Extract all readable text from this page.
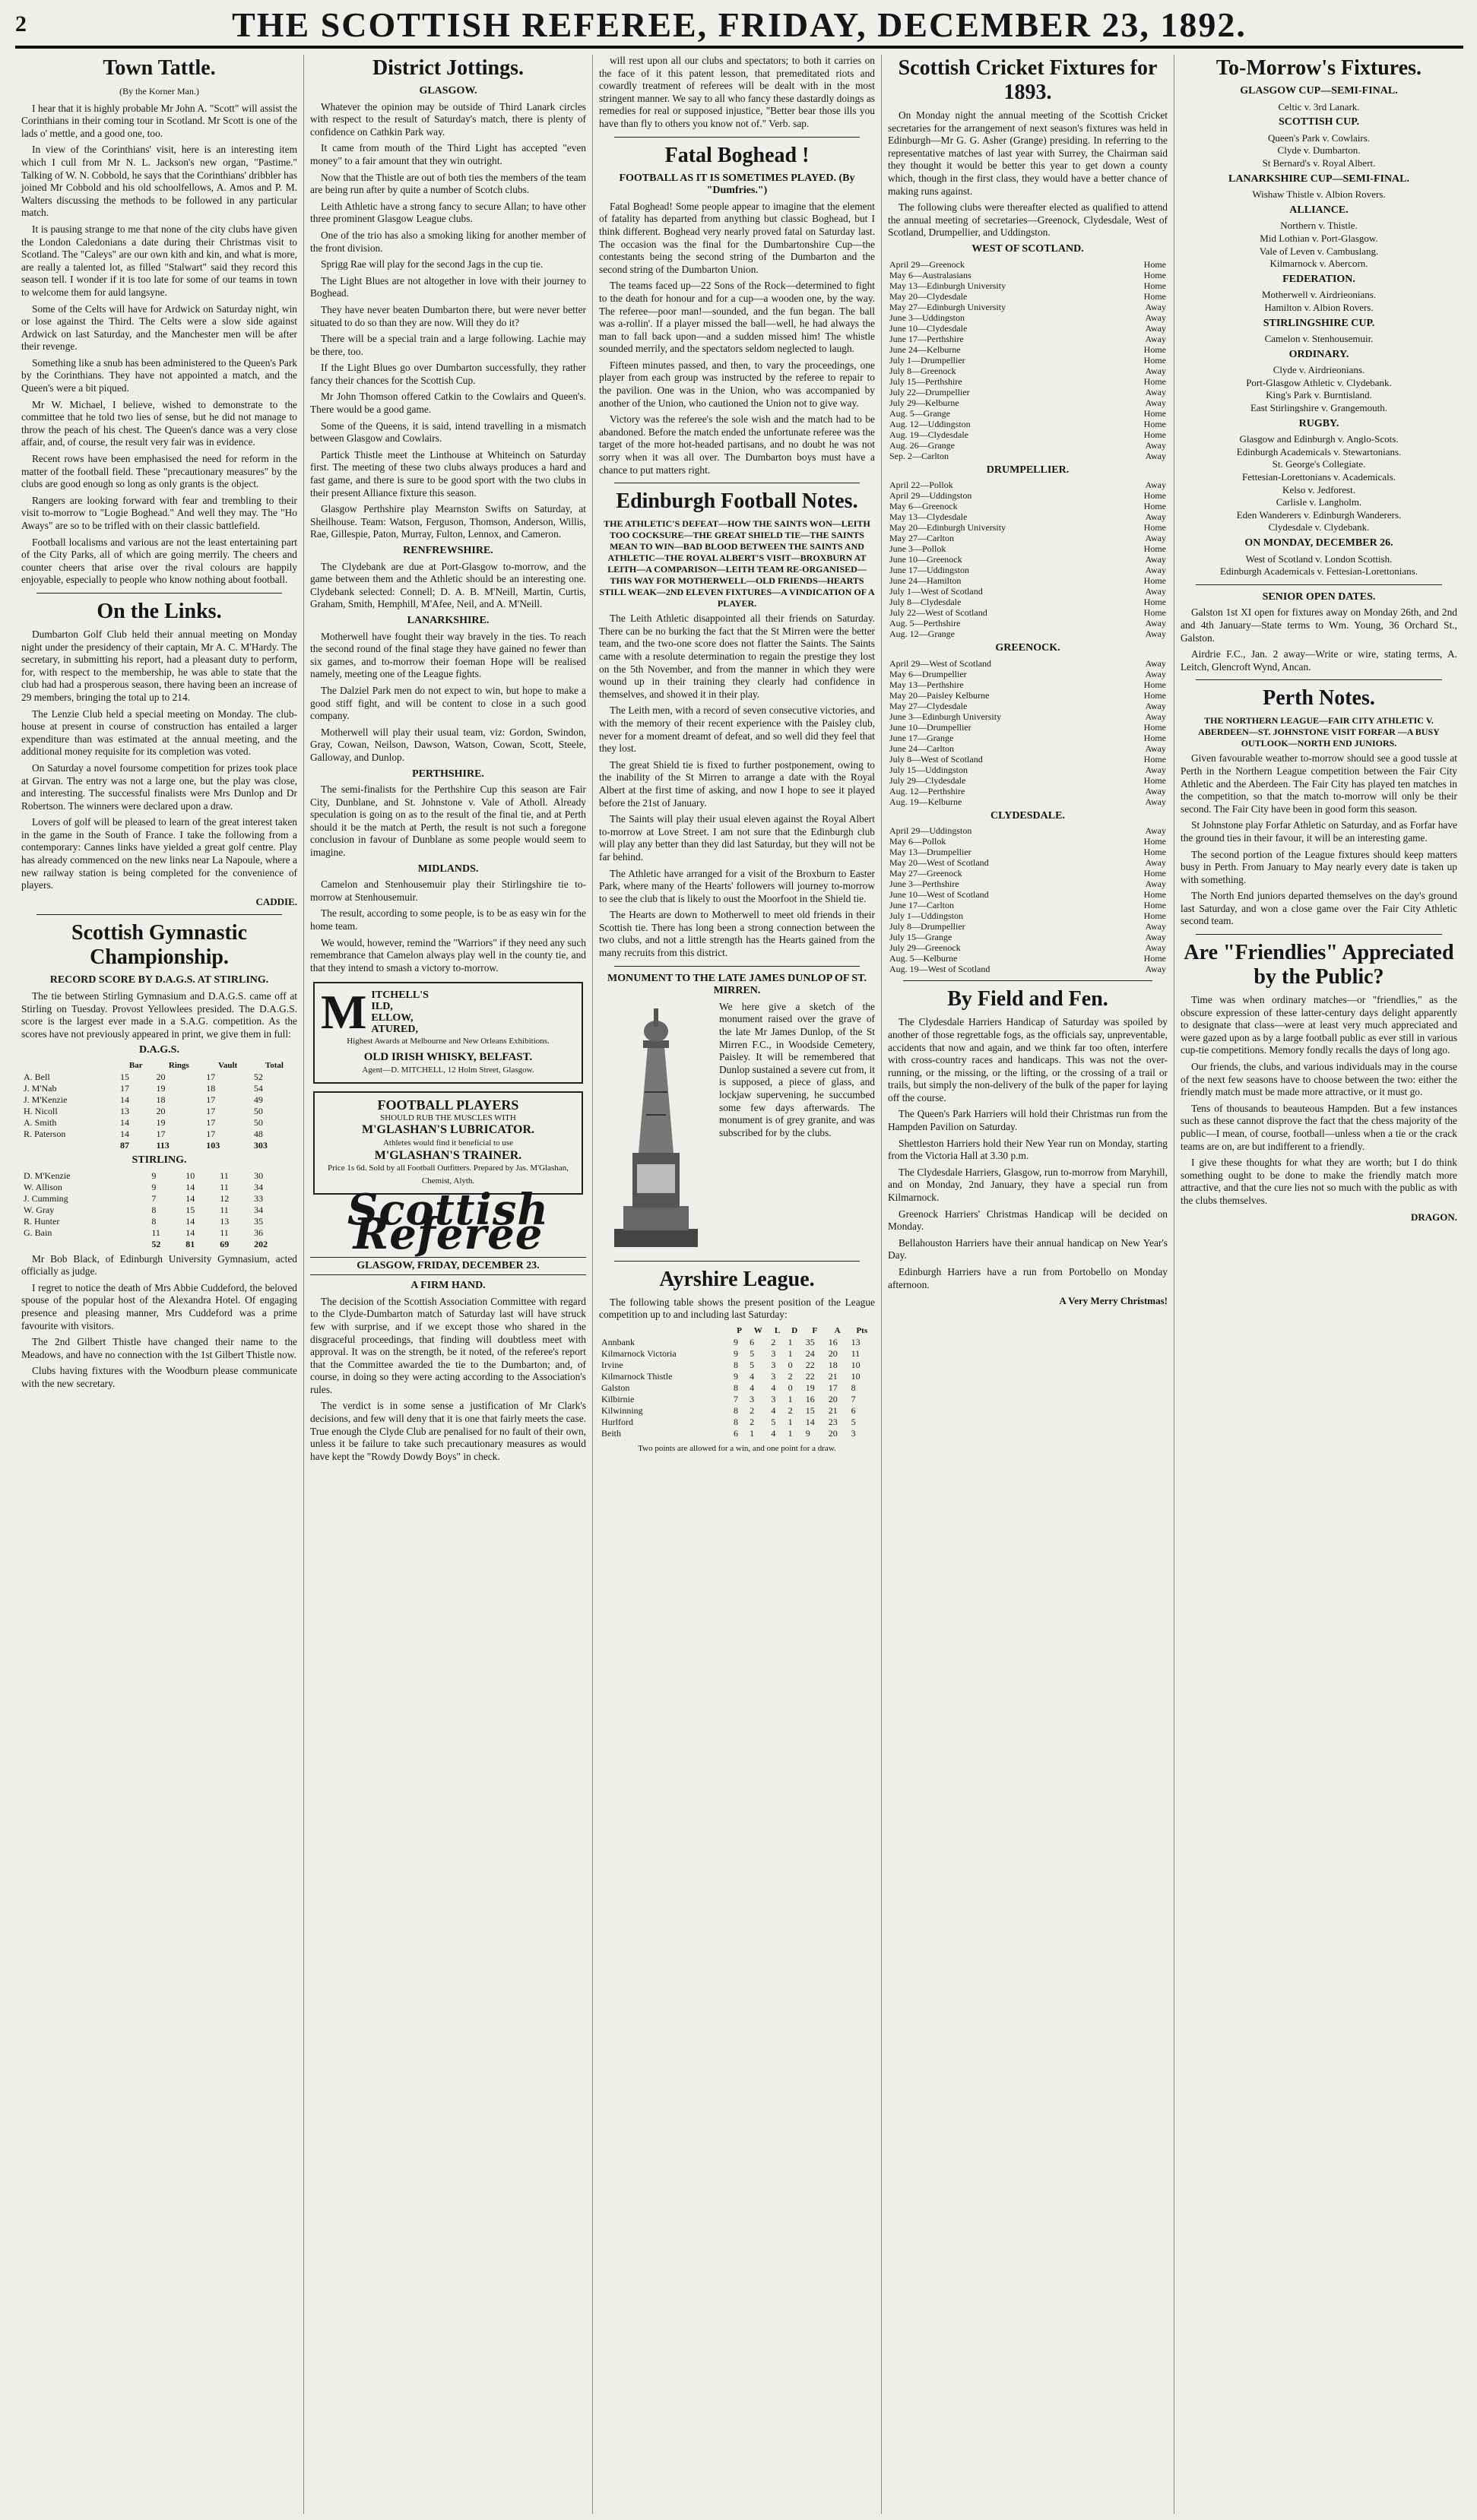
2	THE SCOTTISH REFEREE, FRIDAY, DECEMBER 23, 1892.
Town Tattle.
(By the Korner Man.)

I hear that it is highly probable Mr John A. "Scott" will assist the Corinthians in their coming tour in Scotland. Mr Scott is one of the lads o' mettle, and a good one, too.

In view of the Corinthians' visit, here is an interesting item which I cull from Mr N. L. Jackson's new organ, "Pastime." Talking of W. N. Cobbold, he says that the Corinthians' dribbler has joined Mr Cobbold and his old schoolfellows, A. Amos and P. M. Walters discussing the methods to be followed in any particular match.

It is pausing strange to me that none of the city clubs have given the London Caledonians a date during their Christmas visit to Scotland. The "Caleys" are our own kith and kin, and what is more, are really a talented lot, as filled "Stalwart" said they record this season tell. I wonder if it is too late for some of our teams in town to welcome them for auld langsyne.

Some of the Celts will have for Ardwick on Saturday night, win or lose against the Third. The Celts were a slow side against Ardwick on last Saturday, and the Manchester men will be after their revenge.

Something like a snub has been administered to the Queen's Park by the Corinthians. They have not appointed a match, and the Queen's were a bit piqued.

Mr W. Michael, I believe, wished to demonstrate to the committee that he told two lies of sense, but he did not manage to throw the peach of his chest. The Queen's dance was a very close affair, and, of course, the result very fair was in evidence.

Recent rows have been emphasised the need for reform in the matter of the football field. These "precautionary measures" by the clubs are good enough so long as only grants is the object.

Rangers are looking forward with fear and trembling to their visit to-morrow to "Logie Boghead." And well they may. The "Ho Aways" are so to be trifled with on their classic battlefield.

Football localisms and various are not the least entertaining part of the City Parks, all of which are going merrily. The cheers and counter cheers that arise over the rival colours are happily enjoyable, especially to people who know nothing about football.

On the Links.

Dumbarton Golf Club held their annual meeting on Monday night under the presidency of their captain, Mr A. C. M'Hardy. The secretary, in submitting his report, had a pleasant duty to perform, for, with respect to the membership, he was able to state that the club had had a prosperous season, there having been an increase of 29 members, bringing the total up to 214.

The Lenzie Club held a special meeting on Monday. The club-house at present in course of construction has entailed a larger expenditure than was estimated at the annual meeting, and the additional money requisite for its completion was voted.

On Saturday a novel foursome competition for prizes took place at Girvan. The entry was not a large one, but the play was close, and interesting. The successful finalists were Mrs Dunlop and Dr Robertson. The winners were declared upon a draw.

Lovers of golf will be pleased to learn of the great interest taken in the game in the South of France. I take the following from a contemporary: Cannes links have yielded a great golf centre. Play has already commenced on the new links near La Napoule, where a new railway station is being completed for the convenience of players.

CADDIE.
Scottish Gymnastic Championship.
RECORD SCORE BY D.A.G.S. AT STIRLING.

The tie between Stirling Gymnasium and D.A.G.S. came off at Stirling on Tuesday. Provost Yellowlees presided. The D.A.G.S. score is the largest ever made in a S.A.G. competition. As the scores have not previously appeared in print, we give them in full:

D.A.G.S.
	Bar	Rings	Vault	Total
A. Bell	15	20	17	52
J. M'Nab	17	19	18	54
J. M'Kenzie	14	18	17	49
H. Nicoll	13	20	17	50
A. Smith	14	19	17	50
R. Paterson	14	17	17	48
	87	113	103	303
STIRLING.
D. M'Kenzie	9	10	11	30
W. Allison	9	14	11	34
J. Cumming	7	14	12	33
W. Gray	8	15	11	34
R. Hunter	8	14	13	35
G. Bain	11	14	11	36
	52	81	69	202

Mr Bob Black, of Edinburgh University Gymnasium, acted officially as judge.

I regret to notice the death of Mrs Abbie Cuddeford, the beloved spouse of the popular host of the Alexandra Hotel. Of engaging presence and pleasing manner, Mrs Cuddeford was a prime favourite with visitors.

The 2nd Gilbert Thistle have changed their name to the Meadows, and have no connection with the 1st Gilbert Thistle now.

Clubs having fixtures with the Woodburn please communicate with the new secretary.

District Jottings.
GLASGOW.

Whatever the opinion may be outside of Third Lanark circles with respect to the result of Saturday's match, there is plenty of confidence on Cathkin Park way.

It came from mouth of the Third Light has accepted "even money" to a fair amount that they win outright.

Now that the Thistle are out of both ties the members of the team are being run after by quite a number of Scotch clubs.

Leith Athletic have a strong fancy to secure Allan; to have other three prominent Glasgow League clubs.

One of the trio has also a smoking liking for another member of the front division.

Sprigg Rae will play for the second Jags in the cup tie.

The Light Blues are not altogether in love with their journey to Boghead.

They have never beaten Dumbarton there, but were never better situated to do so than they are now. Will they do it?

There will be a special train and a large following. Lachie may be there, too.

If the Light Blues go over Dumbarton successfully, they rather fancy their chances for the Scottish Cup.

Mr John Thomson offered Catkin to the Cowlairs and Queen's. There would be a good game.

Some of the Queens, it is said, intend travelling in a mismatch between Glasgow and Cowlairs.

Partick Thistle meet the Linthouse at Whiteinch on Saturday first. The meeting of these two clubs always produces a hard and fast game, and there is sure to be good sport with the two clubs in their present Alliance fixture this season.

Glasgow Perthshire play Mearnston Swifts on Saturday, at Sheilhouse. Team: Watson, Ferguson, Thomson, Anderson, Willis, Rae, Gillespie, Paton, Murray, Fulton, Lennox, and Cameron.

RENFREWSHIRE.

The Clydebank are due at Port-Glasgow to-morrow, and the game between them and the Athletic should be an interesting one. Clydebank selected: Connell; D. A. B. M'Neill, Martin, Curtis, Graham, Smith, Hemphill, M'Afee, Neil, and A. M'Neill.

LANARKSHIRE.

Motherwell have fought their way bravely in the ties. To reach the second round of the final stage they have gained no fewer than six games, and to-morrow their foeman Hope will be realised namely, meeting one of the League fights.

The Dalziel Park men do not expect to win, but hope to make a good stiff fight, and will be content to close in a such good company.

Motherwell will play their usual team, viz: Gordon, Swindon, Gray, Cowan, Neilson, Dawson, Watson, Cowan, Scott, Steele, Galloway, and Dunlop.

PERTHSHIRE.

The semi-finalists for the Perthshire Cup this season are Fair City, Dunblane, and St. Johnstone v. Vale of Atholl. Already speculation is going on as to the result of the final tie, and at Perth should it be the match at Perth, the result is not such a foregone conclusion in favour of Dunblane as some people would seem to imagine.

MIDLANDS.

Camelon and Stenhousemuir play their Stirlingshire tie to-morrow at Stenhousemuir.

The result, according to some people, is to be as easy win for the home team.

We would, however, remind the "Warriors" if they need any such remembrance that Camelon always play well in the county tie, and that they intend to smash a victory to-morrow.

M ITCHELL'S
ILD,
ELLOW,
ATURED,
Highest Awards at Melbourne and New Orleans Exhibitions.
OLD IRISH WHISKY, BELFAST.
Agent—D. MITCHELL, 12 Holm Street, Glasgow.
FOOTBALL PLAYERS
SHOULD RUB THE MUSCLES WITH
M'GLASHAN'S LUBRICATOR.
Athletes would find it beneficial to use
M'GLASHAN'S TRAINER.
Price 1s 6d. Sold by all Football Outfitters. Prepared by Jas. M'Glashan, Chemist, Alyth.
Scottish Referee
GLASGOW, FRIDAY, DECEMBER 23.
A FIRM HAND.

The decision of the Scottish Association Committee with regard to the Clyde-Dumbarton match of Saturday last will have struck few with surprise, and if we except those who shared in the disgraceful proceedings, that finding will doubtless meet with approval. It was on the strength, be it noted, of the referee's report that the Committee awarded the tie to the Dumbarton; and, of course, in doing so they were acting according to the Association's rules.

The verdict is in some sense a justification of Mr Clark's decisions, and few will deny that it is one that fairly meets the case. True enough the Clyde Club are penalised for no fault of their own, unless it be failure to take such precautionary measures as would have kept the "Rowdy Dowdy Boys" in check.

will rest upon all our clubs and spectators; to both it carries on the face of it this patent lesson, that premeditated riots and cowardly treatment of referees will be dealt with in the most stringent manner. We say to all who fancy these dastardly doings as remedies for real or supposed injustice, "Better bear those ills you have than fly to others you know not of." Verb. sap.

Fatal Boghead !
FOOTBALL AS IT IS SOMETIMES PLAYED. (By "Dumfries.")

Fatal Boghead! Some people appear to imagine that the element of fatality has departed from anything but classic Boghead, but I think different. Boghead very nearly proved fatal on Saturday last. The occasion was the final for the Dumbartonshire Cup—the contestants being the second string of the Dumbarton and the second string of the Dumbarton Union.

The teams faced up—22 Sons of the Rock—determined to fight to the death for honour and for a cup—a wooden one, by the way. The referee—poor man!—sounded, and the fun began. The ball was a-rollin'. If a player missed the ball—well, he had always the man to fall back upon—and a sudden missed him! The whistle sounded merrily, and the spectators seldom neglected to laugh.

Fifteen minutes passed, and then, to vary the proceedings, one player from each group was instructed by the referee to repair to the pavilion. One was in the Union, who was accompanied by another of the Union, who cautioned the Union not to give way.

Victory was the referee's the sole wish and the match had to be abandoned. Before the match ended the unfortunate referee was the target of the more hot-headed partisans, and no doubt he was not sorry when it was all over. The Dumbarton boys must have a chance to put matters right.

Edinburgh Football Notes.
THE ATHLETIC'S DEFEAT—HOW THE SAINTS WON—LEITH TOO COCKSURE—THE GREAT SHIELD TIE—THE SAINTS MEAN TO WIN—BAD BLOOD BETWEEN THE SAINTS AND ATHLETIC—THE ROYAL ALBERT'S VISIT—BROXBURN AT LEITH—A COMPARISON—LEITH TEAM RE-ORGANISED—THIS WAY FOR MOTHERWELL—OLD FRIENDS—HEARTS STILL WEAK—2ND ELEVEN FIXTURES—A VINDICATION OF A PLAYER.

The Leith Athletic disappointed all their friends on Saturday. There can be no burking the fact that the St Mirren were the better team, and the two-one score does not flatter the Saints. The Saints came with a resolute determination to regain the prestige they lost on the 5th November, and from the manner in which they were wound up in their training they clearly had confidence in themselves, and showed it in their play.

The Leith men, with a record of seven consecutive victories, and with the memory of their recent experience with the Paisley club, never for a moment dreamt of defeat, and so well did they feel that they lost.

The great Shield tie is fixed to further postponement, owing to the inability of the St Mirren to arrange a date with the Royal Albert at the first time of asking, and now I hope to see it played before the 21st of January.

The Saints will play their usual eleven against the Royal Albert to-morrow at Love Street. I am not sure that the Edinburgh club will play any better than they did last Saturday, but they will not be far behind.

The Athletic have arranged for a visit of the Broxburn to Easter Park, where many of the Hearts' followers will journey to-morrow to see the club that is likely to oust the Moorfoot in the Shield tie.

The Hearts are down to Motherwell to meet old friends in their Scottish tie. There has long been a strong connection between the two clubs, and not a little strength has the Hearts gained from the many recruits from this district.

MONUMENT TO THE LATE JAMES DUNLOP OF ST. MIRREN.

We here give a sketch of the monument raised over the grave of the late Mr James Dunlop, of the St Mirren F.C., in Woodside Cemetery, Paisley. It will be remembered that Dunlop sustained a severe cut from, it is supposed, a piece of glass, and lockjaw supervening, he succumbed some few days afterwards. The monument is of grey granite, and was subscribed for by the clubs.

Ayrshire League.

The following table shows the present position of the League competition up to and including last Saturday:

	P	W	L	D	F	A	Pts
Annbank	9	6	2	1	35	16	13
Kilmarnock Victoria	9	5	3	1	24	20	11
Irvine	8	5	3	0	22	18	10
Kilmarnock Thistle	9	4	3	2	22	21	10
Galston	8	4	4	0	19	17	8
Kilbirnie	7	3	3	1	16	20	7
Kilwinning	8	2	4	2	15	21	6
Hurlford	8	2	5	1	14	23	5
Beith	6	1	4	1	9	20	3
Two points are allowed for a win, and one point for a draw.
Scottish Cricket Fixtures for 1893.

On Monday night the annual meeting of the Scottish Cricket secretaries for the arrangement of next season's fixtures was held in Edinburgh—Mr G. G. Asher (Grange) presiding. In referring to the representative matches of last year with Surrey, the Chairman said they thought it would be better this year to get down a county which, though in the first class, they would have a better chance of making runs against.

The following clubs were thereafter elected as qualified to attend the annual meeting of secretaries—Greenock, Clydesdale, West of Scotland, Drumpellier, and Uddingston.

WEST OF SCOTLAND.
April 29—Greenock	Home
May 6—Australasians	Home
May 13—Edinburgh University	Home
May 20—Clydesdale	Home
May 27—Edinburgh University	Away
June 3—Uddingston	Away
June 10—Clydesdale	Away
June 17—Perthshire	Away
June 24—Kelburne	Home
July 1—Drumpellier	Home
July 8—Greenock	Away
July 15—Perthshire	Home
July 22—Drumpellier	Away
July 29—Kelburne	Away
Aug. 5—Grange	Home
Aug. 12—Uddingston	Home
Aug. 19—Clydesdale	Home
Aug. 26—Grange	Away
Sep. 2—Carlton	Away
DRUMPELLIER.
April 22—Pollok	Away
April 29—Uddingston	Home
May 6—Greenock	Home
May 13—Clydesdale	Away
May 20—Edinburgh University	Home
May 27—Carlton	Away
June 3—Pollok	Home
June 10—Greenock	Away
June 17—Uddingston	Away
June 24—Hamilton	Home
July 1—West of Scotland	Away
July 8—Clydesdale	Home
July 22—West of Scotland	Home
Aug. 5—Perthshire	Away
Aug. 12—Grange	Away
GREENOCK.
April 29—West of Scotland	Away
May 6—Drumpellier	Away
May 13—Perthshire	Home
May 20—Paisley Kelburne	Home
May 27—Clydesdale	Away
June 3—Edinburgh University	Away
June 10—Drumpellier	Home
June 17—Grange	Home
June 24—Carlton	Away
July 8—West of Scotland	Home
July 15—Uddingston	Away
July 29—Clydesdale	Home
Aug. 12—Perthshire	Away
Aug. 19—Kelburne	Away
CLYDESDALE.
April 29—Uddingston	Away
May 6—Pollok	Home
May 13—Drumpellier	Home
May 20—West of Scotland	Away
May 27—Greenock	Home
June 3—Perthshire	Away
June 10—West of Scotland	Home
June 17—Carlton	Home
July 1—Uddingston	Home
July 8—Drumpellier	Away
July 15—Grange	Away
July 29—Greenock	Away
Aug. 5—Kelburne	Home
Aug. 19—West of Scotland	Away
By Field and Fen.

The Clydesdale Harriers Handicap of Saturday was spoiled by another of those regrettable fogs, as the officials say, unpreventable, accidents that now and again, and we think far too often, interfere with cross-country races and handicaps. This was not the over-running, or the missing, or the lifting, or the crossing of a trail or trails, but simply the non-delivery of the bulk of the paper for laying off the course.

The Queen's Park Harriers will hold their Christmas run from the Hampden Pavilion on Saturday.

Shettleston Harriers hold their New Year run on Monday, starting from the Victoria Hall at 3.30 p.m.

The Clydesdale Harriers, Glasgow, run to-morrow from Maryhill, and on Monday, 2nd January, they have a special run from Kilmarnock.

Greenock Harriers' Christmas Handicap will be decided on Monday.

Bellahouston Harriers have their annual handicap on New Year's Day.

Edinburgh Harriers have a run from Portobello on Monday afternoon.

A Very Merry Christmas!
To-Morrow's Fixtures.
GLASGOW CUP—SEMI-FINAL.
Celtic v. 3rd Lanark.
SCOTTISH CUP.
Queen's Park v. Cowlairs.
Clyde v. Dumbarton.
St Bernard's v. Royal Albert.
LANARKSHIRE CUP—SEMI-FINAL.
Wishaw Thistle v. Albion Rovers.
ALLIANCE.
Northern v. Thistle.
Mid Lothian v. Port-Glasgow.
Vale of Leven v. Cambuslang.
Kilmarnock v. Abercorn.
FEDERATION.
Motherwell v. Airdrieonians.
Hamilton v. Albion Rovers.
STIRLINGSHIRE CUP.
Camelon v. Stenhousemuir.
ORDINARY.
Clyde v. Airdrieonians.
Port-Glasgow Athletic v. Clydebank.
King's Park v. Burntisland.
East Stirlingshire v. Grangemouth.
RUGBY.
Glasgow and Edinburgh v. Anglo-Scots.
Edinburgh Academicals v. Stewartonians.
St. George's Collegiate.
Fettesian-Lorettonians v. Academicals.
Kelso v. Jedforest.
Carlisle v. Langholm.
Eden Wanderers v. Edinburgh Wanderers.
Clydesdale v. Clydebank.
ON MONDAY, DECEMBER 26.
West of Scotland v. London Scottish.
Edinburgh Academicals v. Fettesian-Lorettonians.
SENIOR OPEN DATES.

Galston 1st XI open for fixtures away on Monday 26th, and 2nd and 4th January—State terms to Wm. Young, 36 Orchard St., Galston.

Airdrie F.C., Jan. 2 away—Write or wire, stating terms, A. Leitch, Glencroft Wynd, Ancan.

Perth Notes.
THE NORTHERN LEAGUE—FAIR CITY ATHLETIC V. ABERDEEN—ST. JOHNSTONE VISIT FORFAR —A BUSY OUTLOOK—NORTH END JUNIORS.

Given favourable weather to-morrow should see a good tussle at Perth in the Northern League competition between the Fair City Athletic and the Aberdeen. The Fair City has played ten matches in the competition, so that the match to-morrow will only be their second. The Fair City have been in good form this season.

St Johnstone play Forfar Athletic on Saturday, and as Forfar have the ground ties in their favour, it will be an interesting game.

The second portion of the League fixtures should keep matters busy in Perth. From January to May nearly every date is taken up with something.

The North End juniors departed themselves on the day's ground last Saturday, and won a close game over the Fair City Athletic second team.

Are "Friendlies" Appreciated by the Public?

Time was when ordinary matches—or "friendlies," as the obscure expression of these latter-century days delight apparently to designate that class—were at least very much appreciated and were gazed upon as by a large football public as ever still in various cup-tie competitions. Memory fondly recalls the days of long ago.

Our friends, the clubs, and various individuals may in the course of the next few seasons have to choose between the two: either the friendly match must be made more attractive, or it must go.

Tens of thousands to beauteous Hampden. But a few instances such as these cannot disprove the fact that the chess majority of the public—I mean, of course, football—unless when a tie or the crack teams are on, are but indifferent to a friendly.

I give these thoughts for what they are worth; but I do think something ought to be done to make the friendly match more attractive, and that the cure lies not so much with the public as with the clubs themselves.

DRAGON.
